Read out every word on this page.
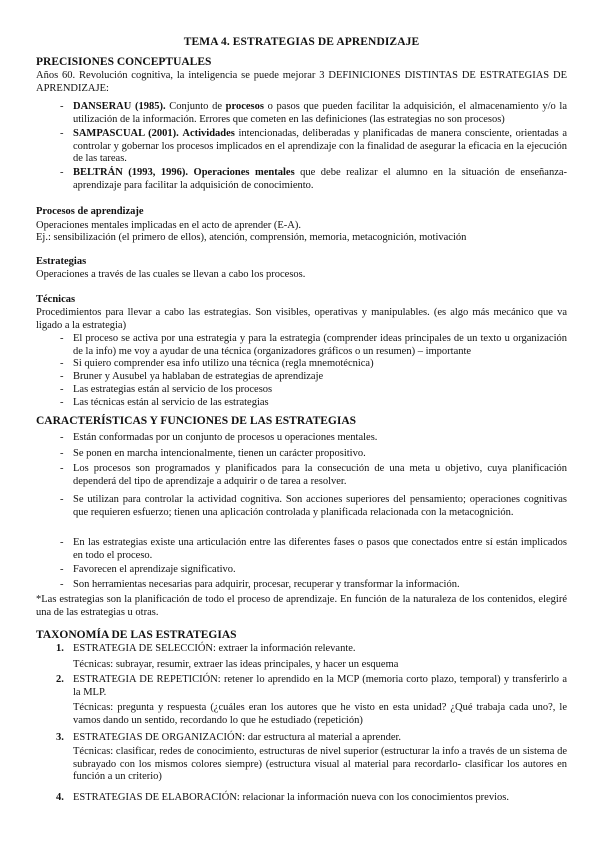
TEMA 4. ESTRATEGIAS DE APRENDIZAJE
PRECISIONES CONCEPTUALES
Años 60. Revolución cognitiva, la inteligencia se puede mejorar 3 DEFINICIONES DISTINTAS DE ESTRATEGIAS DE APRENDIZAJE:
- DANSERAU (1985). Conjunto de procesos o pasos que pueden facilitar la adquisición, el almacenamiento y/o la utilización de la información. Errores que cometen en las definiciones (las estrategias no son procesos)
- SAMPASCUAL (2001). Actividades intencionadas, deliberadas y planificadas de manera consciente, orientadas a controlar y gobernar los procesos implicados en el aprendizaje con la finalidad de asegurar la eficacia en la ejecución de las tareas.
- BELTRÁN (1993, 1996). Operaciones mentales que debe realizar el alumno en la situación de enseñanza-aprendizaje para facilitar la adquisición de conocimiento.
Procesos de aprendizaje
Operaciones mentales implicadas en el acto de aprender (E-A).
Ej.: sensibilización (el primero de ellos), atención, comprensión, memoria, metacognición, motivación
Estrategias
Operaciones a través de las cuales se llevan a cabo los procesos.
Técnicas
Procedimientos para llevar a cabo las estrategias. Son visibles, operativas y manipulables. (es algo más mecánico que va ligado a la estrategia)
- El proceso se activa por una estrategia y para la estrategia (comprender ideas principales de un texto u organización de la info) me voy a ayudar de una técnica (organizadores gráficos o un resumen) – importante
- Si quiero comprender esa info utilizo una técnica (regla mnemotécnica)
- Bruner y Ausubel ya hablaban de estrategias de aprendizaje
- Las estrategias están al servicio de los procesos
- Las técnicas están al servicio de las estrategias
CARACTERÍSTICAS Y FUNCIONES DE LAS ESTRATEGIAS
- Están conformadas por un conjunto de procesos u operaciones mentales.
- Se ponen en marcha intencionalmente, tienen un carácter propositivo.
- Los procesos son programados y planificados para la consecución de una meta u objetivo, cuya planificación dependerá del tipo de aprendizaje a adquirir o de tarea a resolver.
- Se utilizan para controlar la actividad cognitiva. Son acciones superiores del pensamiento; operaciones cognitivas que requieren esfuerzo; tienen una aplicación controlada y planificada relacionada con la metacognición.
- En las estrategias existe una articulación entre las diferentes fases o pasos que conectados entre sí están implicados en todo el proceso.
- Favorecen el aprendizaje significativo.
- Son herramientas necesarias para adquirir, procesar, recuperar y transformar la información.
*Las estrategias son la planificación de todo el proceso de aprendizaje. En función de la naturaleza de los contenidos, elegiré una de las estrategias u otras.
TAXONOMÍA DE LAS ESTRATEGIAS
1. ESTRATEGIA DE SELECCIÓN: extraer la información relevante.
Técnicas: subrayar, resumir, extraer las ideas principales, y hacer un esquema
2. ESTRATEGIA DE REPETICIÓN: retener lo aprendido en la MCP (memoria corto plazo, temporal) y transferirlo a la MLP.
Técnicas: pregunta y respuesta (¿cuáles eran los autores que he visto en esta unidad? ¿Qué trabaja cada uno?, le vamos dando un sentido, recordando lo que he estudiado (repetición)
3. ESTRATEGIAS DE ORGANIZACIÓN: dar estructura al material a aprender.
Técnicas: clasificar, redes de conocimiento, estructuras de nivel superior (estructurar la info a través de un sistema de subrayado con los mismos colores siempre) (estructura visual al material para recordarlo- clasificar los autores en función a un criterio)
4. ESTRATEGIAS DE ELABORACIÓN: relacionar la información nueva con los conocimientos previos.
